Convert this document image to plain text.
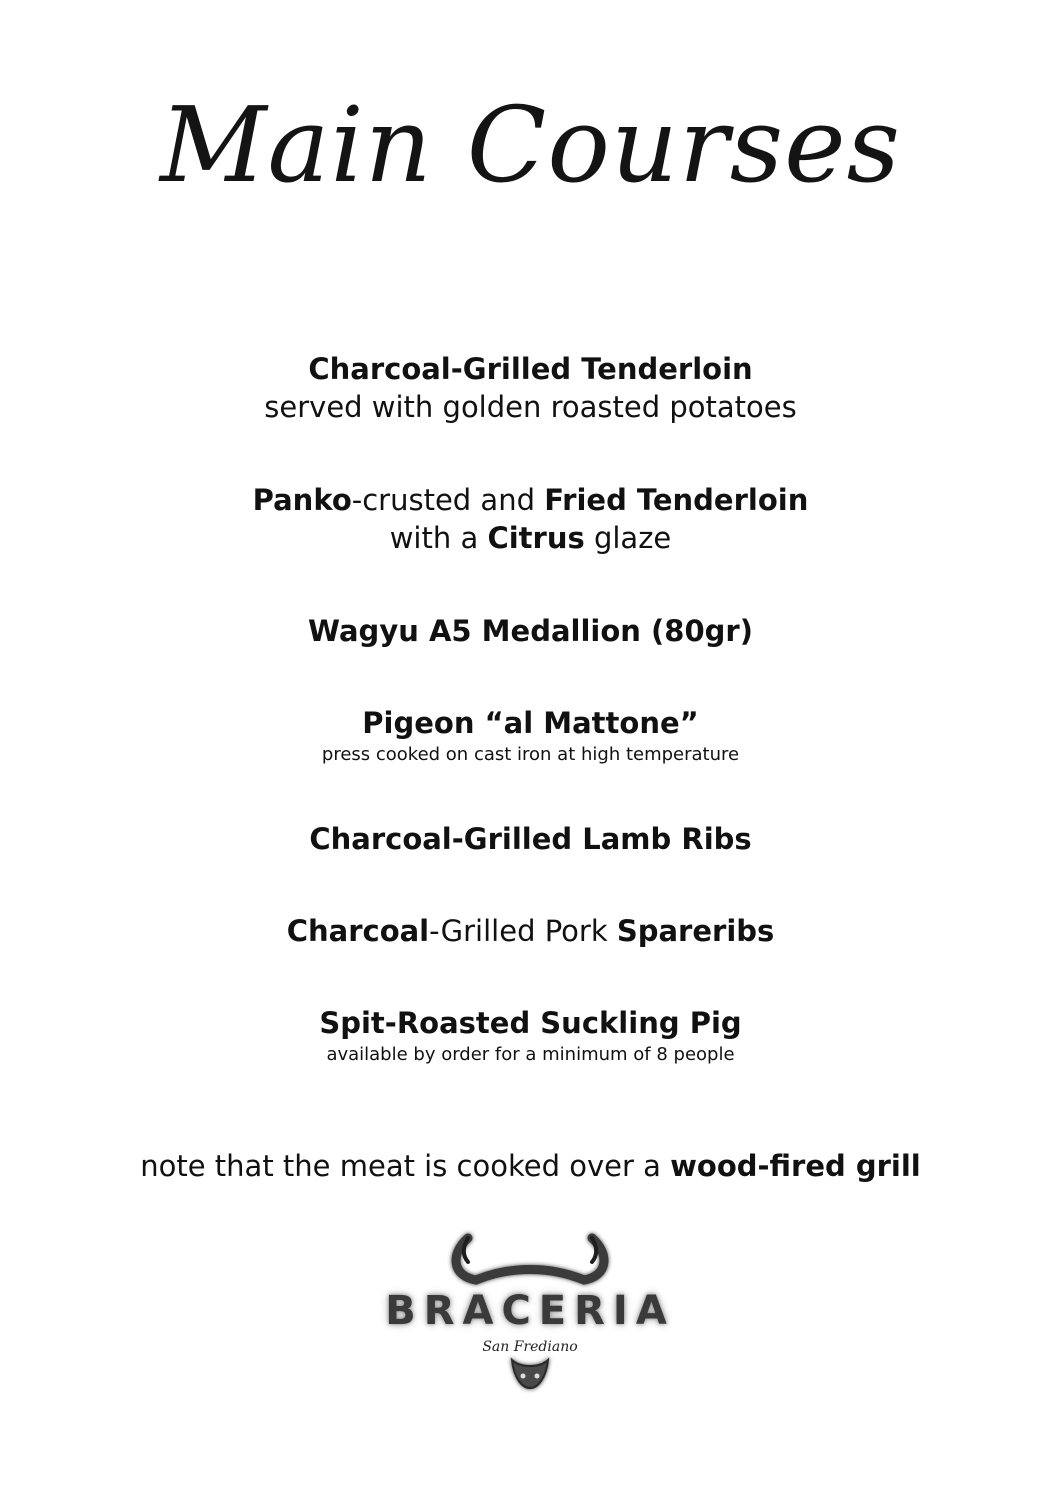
Main Courses
Charcoal-Grilled Tenderloin
served with golden roasted potatoes
Panko-crusted and Fried Tenderloin
with a Citrus glaze
Wagyu A5 Medallion (80gr)
Pigeon “al Mattone”
press cooked on cast iron at high temperature
Charcoal-Grilled Lamb Ribs
Charcoal-Grilled Pork Spareribs
Spit-Roasted Suckling Pig
available by order for a minimum of 8 people
note that the meat is cooked over a wood-fired grill
BRACERIA
San Frediano
